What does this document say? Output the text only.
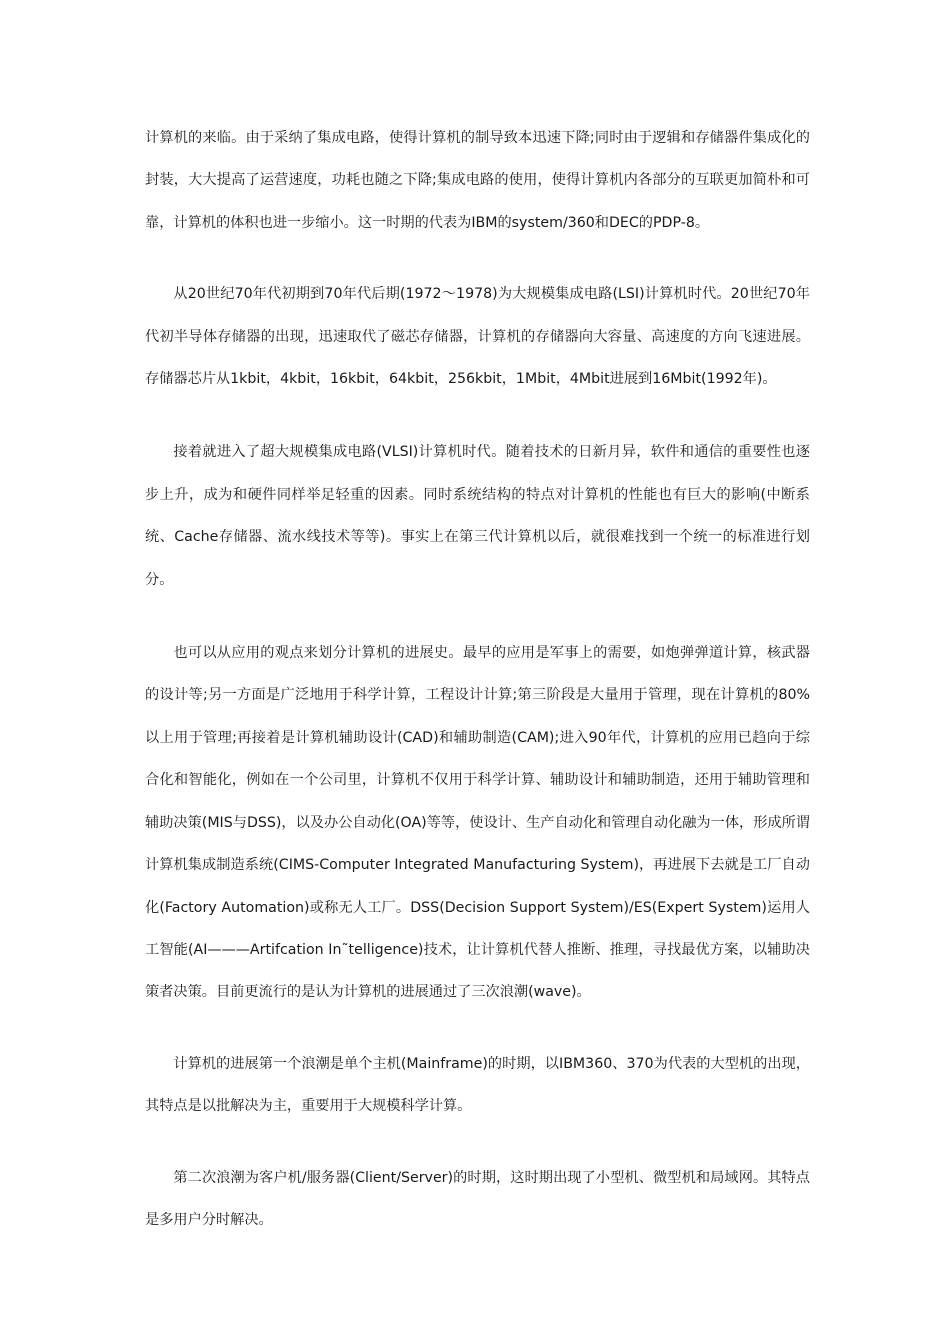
计算机的来临。由于采纳了集成电路，使得计算机的制导致本迅速下降;同时由于逻辑和存储器件集成化的封装，大大提高了运营速度，功耗也随之下降;集成电路的使用，使得计算机内各部分的互联更加简朴和可靠，计算机的体积也进一步缩小。这一时期的代表为IBM的system/360和DEC的PDP-8。

从20世纪70年代初期到70年代后期(1972～1978)为大规模集成电路(LSI)计算机时代。20世纪70年代初半导体存储器的出现，迅速取代了磁芯存储器，计算机的存储器向大容量、高速度的方向飞速进展。存储器芯片从1kbit，4kbit，16kbit，64kbit，256kbit，1Mbit，4Mbit进展到16Mbit(1992年)。

接着就进入了超大规模集成电路(VLSI)计算机时代。随着技术的日新月异，软件和通信的重要性也逐步上升，成为和硬件同样举足轻重的因素。同时系统结构的特点对计算机的性能也有巨大的影响(中断系统、Cache存储器、流水线技术等等)。事实上在第三代计算机以后，就很难找到一个统一的标准进行划分。

也可以从应用的观点来划分计算机的进展史。最早的应用是军事上的需要，如炮弹弹道计算，核武器的设计等;另一方面是广泛地用于科学计算，工程设计计算;第三阶段是大量用于管理，现在计算机的80%以上用于管理;再接着是计算机辅助设计(CAD)和辅助制造(CAM);进入90年代，计算机的应用已趋向于综合化和智能化，例如在一个公司里，计算机不仅用于科学计算、辅助设计和辅助制造，还用于辅助管理和辅助决策(MIS与DSS)，以及办公自动化(OA)等等，使设计、生产自动化和管理自动化融为一体，形成所谓计算机集成制造系统(CIMS-Computer Integrated Manufacturing System)，再进展下去就是工厂自动化(Factory Automation)或称无人工厂。DSS(Decision Support System)/ES(Expert System)运用人工智能(AI———Artifcation In˜telligence)技术，让计算机代替人推断、推理，寻找最优方案，以辅助决策者决策。目前更流行的是认为计算机的进展通过了三次浪潮(wave)。

计算机的进展第一个浪潮是单个主机(Mainframe)的时期，以IBM360、370为代表的大型机的出现，其特点是以批解决为主，重要用于大规模科学计算。

第二次浪潮为客户机/服务器(Client/Server)的时期，这时期出现了小型机、微型机和局域网。其特点是多用户分时解决。
